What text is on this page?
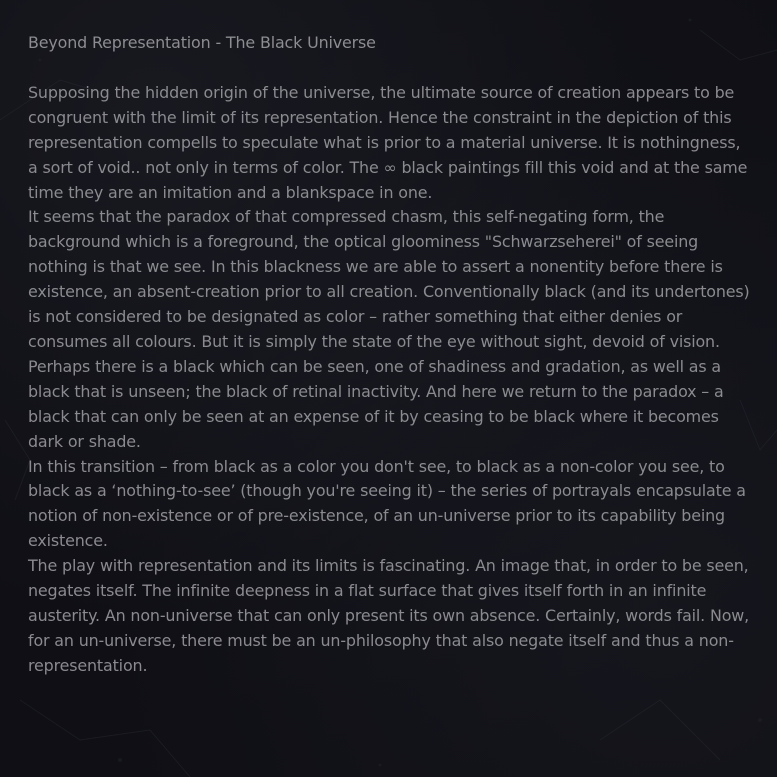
Beyond Representation - The Black Universe

Supposing the hidden origin of the universe, the ultimate source of creation appears to be congruent with the limit of its representation. Hence the constraint in the depiction of this representation compells to speculate what is prior to a material universe. It is nothingness, a sort of void.. not only in terms of color. The ∞ black paintings fill this void and at the same time they are an imitation and a blankspace in one.

It seems that the paradox of that compressed chasm, this self-negating form, the background which is a foreground, the optical gloominess "Schwarzseherei" of seeing nothing is that we see. In this blackness we are able to assert a nonentity before there is existence, an absent-creation prior to all creation. Conventionally black (and its undertones) is not considered to be designated as color – rather something that either denies or consumes all colours. But it is simply the state of the eye without sight, devoid of vision.

Perhaps there is a black which can be seen, one of shadiness and gradation, as well as a black that is unseen; the black of retinal inactivity. And here we return to the paradox – a black that can only be seen at an expense of it by ceasing to be black where it becomes dark or shade.

In this transition – from black as a color you don't see, to black as a non-color you see, to black as a ‘nothing-to-see’ (though you're seeing it) – the series of portrayals encapsulate a notion of non-existence or of pre-existence, of an un-universe prior to its capability being existence.

The play with representation and its limits is fascinating. An image that, in order to be seen, negates itself. The infinite deepness in a flat surface that gives itself forth in an infinite austerity. An non-universe that can only present its own absence. Certainly, words fail. Now, for an un-universe, there must be an un-philosophy that also negate itself and thus a non-representation.
